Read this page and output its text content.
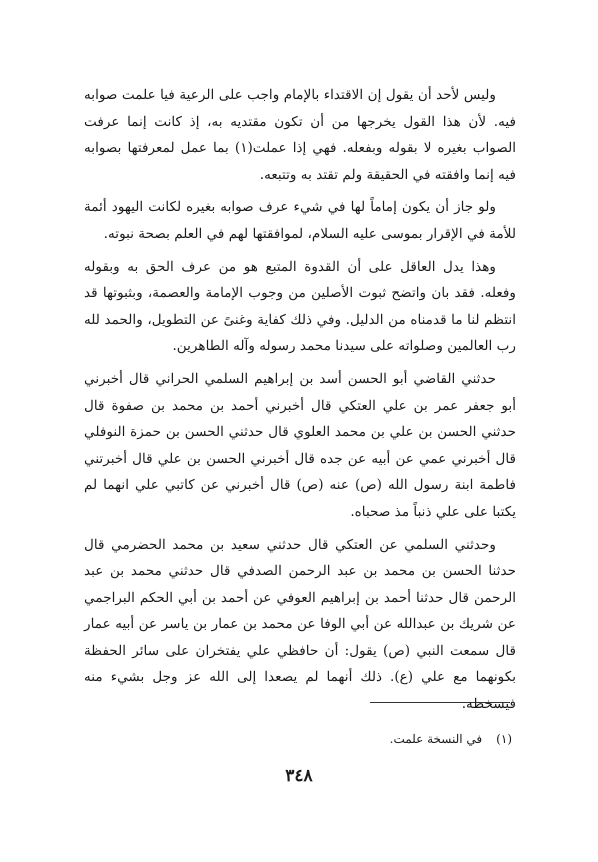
وليس لأحد أن يقول إن الاقتداء بالإمام واجب على الرعية فيا علمت صوابه فيه. لأن هذا القول يخرجها من أن تكون مقتديه به، إذ كانت إنما عرفت الصواب بغيره لا بقوله وبفعله. فهي إذا عملت(١) بما عمل لمعرفتها بصوابه فيه إنما وافقته في الحقيقة ولم تقتد به وتتبعه.

ولو جاز أن يكون إماماً لها في شيء عرف صوابه بغيره لكانت اليهود أئمة للأمة في الإقرار بموسى عليه السلام، لموافقتها لهم في العلم بصحة نبوته.

وهذا يدل العاقل على أن القدوة المتبع هو من عرف الحق به وبقوله وفعله. فقد بان واتضح ثبوت الأصلين من وجوب الإمامة والعصمة، وبثبوتها قد انتظم لنا ما قدمناه من الدليل. وفي ذلك كفاية وغنىً عن التطويل، والحمد لله رب العالمين وصلواته على سيدنا محمد رسوله وآله الطاهرين.

حدثني القاضي أبو الحسن أسد بن إبراهيم السلمي الحراني قال أخبرني أبو جعفر عمر بن علي العتكي قال أخبرني أحمد بن محمد بن صفوة قال حدثني الحسن بن علي بن محمد العلوي قال حدثني الحسن بن حمزة النوفلي قال أخبرني عمي عن أبيه عن جده قال أخبرني الحسن بن علي قال أخبرتني فاطمة ابنة رسول الله (ص) عنه (ص) قال أخبرني عن كاتبي علي انهما لم يكتبا على علي ذنباً مذ صحباه.

وحدثني السلمي عن العتكي قال حدثني سعيد بن محمد الحضرمي قال حدثنا الحسن بن محمد بن عبد الرحمن الصدفي قال حدثني محمد بن عبد الرحمن قال حدثنا أحمد بن إبراهيم العوفي عن أحمد بن أبي الحكم البراجمي عن شريك بن عبدالله عن أبي الوفا عن محمد بن عمار بن ياسر عن أبيه عمار قال سمعت النبي (ص) يقول: أن حافظي علي يفتخران على سائر الحفظة بكونهما مع علي (ع). ذلك أنهما لم يصعدا إلى الله عز وجل بشيء منه فيسخطه.

(١)في النسخة علمت.
٣٤٨
